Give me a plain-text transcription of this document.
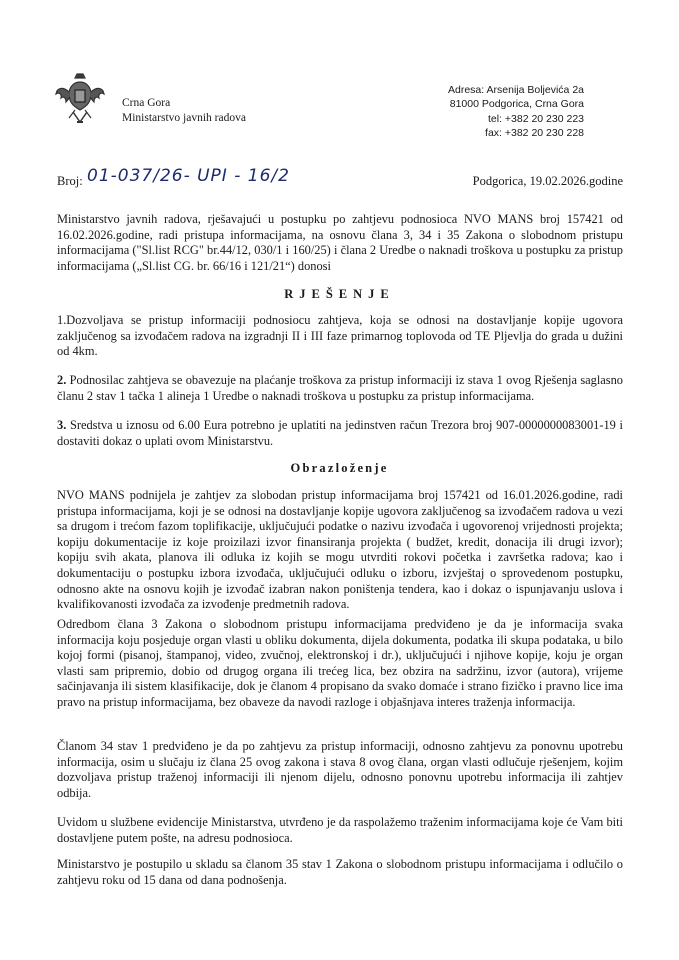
Crna Gora
Ministarstvo javnih radova
Adresa: Arsenija Boljevića 2a
81000 Podgorica, Crna Gora
tel: +382 20 230 223
fax: +382 20 230 228
Broj: 01-037/26- UPI - 16/2	Podgorica, 19.02.2026.godine
Ministarstvo javnih radova, rješavajući u postupku po zahtjevu podnosioca NVO MANS broj 157421 od 16.02.2026.godine, radi pristupa informacijama, na osnovu člana 3, 34 i 35 Zakona o slobodnom pristupu informacijama ("Sl.list RCG" br.44/12, 030/1 i 160/25) i člana 2 Uredbe o naknadi troškova u postupku za pristup informacijama („Sl.list CG. br. 66/16 i 121/21“) donosi
RJEŠENJE
1.Dozvoljava se pristup informaciji podnosiocu zahtjeva, koja se odnosi na dostavljanje kopije ugovora zaključenog sa izvođačem radova na izgradnji II i III faze primarnog toplovoda od TE Pljevlja do grada u dužini od 4km.
2. Podnosilac zahtjeva se obavezuje na plaćanje troškova za pristup informaciji iz stava 1 ovog Rješenja saglasno članu 2 stav 1 tačka 1 alineja 1 Uredbe o naknadi troškova u postupku za pristup informacijama.
3. Sredstva u iznosu od 6.00 Eura potrebno je uplatiti na jedinstven račun Trezora broj 907-0000000083001-19 i dostaviti dokaz o uplati ovom Ministarstvu.
Obrazloženje
NVO MANS podnijela je zahtjev za slobodan pristup informacijama broj 157421 od 16.01.2026.godine, radi pristupa informacijama, koji je se odnosi na dostavljanje kopije ugovora zaključenog sa izvođačem radova u vezi sa drugom i trećom fazom toplifikacije, uključujući podatke o nazivu izvođača i ugovorenoj vrijednosti projekta; kopiju dokumentacije iz koje proizilazi izvor finansiranja projekta ( budžet, kredit, donacija ili drugi izvor); kopiju svih akata, planova ili odluka iz kojih se mogu utvrditi rokovi početka i završetka radova; kao i dokumentaciju o postupku izbora izvođača, uključujući odluku o izboru, izvještaj o sprovedenom postupku, odnosno akte na osnovu kojih je izvođač izabran nakon poništenja tendera, kao i dokaz o ispunjavanju uslova i kvalifikovanosti izvođača za izvođenje predmetnih radova.
Odredbom člana 3 Zakona o slobodnom pristupu informacijama predviđeno je da je informacija svaka informacija koju posjeduje organ vlasti u obliku dokumenta, dijela dokumenta, podatka ili skupa podataka, u bilo kojoj formi (pisanoj, štampanoj, video, zvučnoj, elektronskoj i dr.), uključujući i njihove kopije, koju je organ vlasti sam pripremio, dobio od drugog organa ili trećeg lica, bez obzira na sadržinu, izvor (autora), vrijeme sačinjavanja ili sistem klasifikacije, dok je članom 4 propisano da svako domaće i strano fizičko i pravno lice ima pravo na pristup informacijama, bez obaveze da navodi razloge i objašnjava interes traženja informacija.
Članom 34 stav 1 predviđeno je da po zahtjevu za pristup informaciji, odnosno zahtjevu za ponovnu upotrebu informacija, osim u slučaju iz člana 25 ovog zakona i stava 8 ovog člana, organ vlasti odlučuje rješenjem, kojim dozvoljava pristup traženoj informaciji ili njenom dijelu, odnosno ponovnu upotrebu informacija ili zahtjev odbija.
Uvidom u službene evidencije Ministarstva, utvrđeno je da raspolažemo traženim informacijama koje će Vam biti dostavljene putem pošte, na adresu podnosioca.
Ministarstvo je postupilo u skladu sa članom 35 stav 1 Zakona o slobodnom pristupu informacijama i odlučilo o zahtjevu roku od 15 dana od dana podnošenja.
